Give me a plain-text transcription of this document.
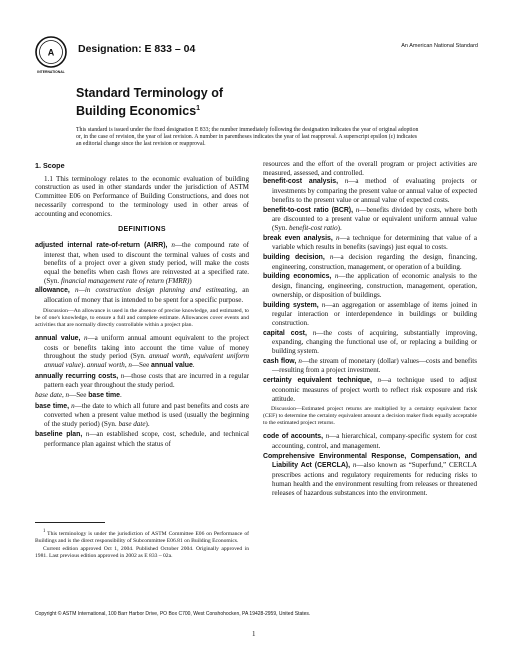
A
INTERNATIONAL
Designation: E 833 – 04	An American National Standard
Standard Terminology of
Building Economics$^1$
This standard is issued under the fixed designation E 833; the number immediately following the designation indicates the year of original adoption or, in the case of revision, the year of last revision. A number in parentheses indicates the year of last reapproval. A superscript epsilon (ε) indicates an editorial change since the last revision or reapproval.
1. Scope

1.1 This terminology relates to the economic evaluation of building construction as used in other standards under the jurisdiction of ASTM Committee E06 on Performance of Building Constructions, and does not necessarily correspond to the terminology used in other areas of accounting and economics.

DEFINITIONS

adjusted internal rate-of-return (AIRR), n—the compound rate of interest that, when used to discount the terminal values of costs and benefits of a project over a given study period, will make the costs equal the benefits when cash flows are reinvested at a specified rate. (Syn. financial management rate of return (FMRR))

allowance, n—in construction design planning and estimating, an allocation of money that is intended to be spent for a specific purpose.

Discussion—An allowance is used in the absence of precise knowledge, and estimated, to be of one's knowledge, to ensure a full and complete estimate. Allowances cover events and activities that are normally directly controllable within a project plan.

annual value, n—a uniform annual amount equivalent to the project costs or benefits taking into account the time value of money throughout the study period (Syn. annual worth, equivalent uniform annual value). annual worth, n—See annual value.

annually recurring costs, n—those costs that are incurred in a regular pattern each year throughout the study period.

base date, n—See base time.

base time, n—the date to which all future and past benefits and costs are converted when a present value method is used (usually the beginning of the study period) (Syn. base date).

baseline plan, n—an established scope, cost, schedule, and technical performance plan against which the status of

$^1$ This terminology is under the jurisdiction of ASTM Committee E06 on Performance of Buildings and is the direct responsibility of Subcommittee E06.81 on Building Economics.

Current edition approved Oct 1, 2004. Published October 2004. Originally approved in 1981. Last previous edition approved in 2002 as E 833 – 02a.

resources and the effort of the overall program or project activities are measured, assessed, and controlled.

benefit-cost analysis, n—a method of evaluating projects or investments by comparing the present value or annual value of expected benefits to the present value or annual value of expected costs.

benefit-to-cost ratio (BCR), n—benefits divided by costs, where both are discounted to a present value or equivalent uniform annual value (Syn. benefit-cost ratio).

break even analysis, n—a technique for determining that value of a variable which results in benefits (savings) just equal to costs.

building decision, n—a decision regarding the design, financing, engineering, construction, management, or operation of a building.

building economics, n—the application of economic analysis to the design, financing, engineering, construction, management, operation, ownership, or disposition of buildings.

building system, n—an aggregation or assemblage of items joined in regular interaction or interdependence in buildings or building construction.

capital cost, n—the costs of acquiring, substantially improving, expanding, changing the functional use of, or replacing a building or building system.

cash flow, n—the stream of monetary (dollar) values—costs and benefits—resulting from a project investment.

certainty equivalent technique, n—a technique used to adjust economic measures of project worth to reflect risk exposure and risk attitude.

Discussion—Estimated project returns are multiplied by a certainty equivalent factor (CEF) to determine the certainty equivalent amount a decision maker finds equally acceptable to the estimated project returns.

code of accounts, n—a hierarchical, company-specific system for cost accounting, control, and management.

Comprehensive Environmental Response, Compensation, and Liability Act (CERCLA), n—also known as “Superfund,” CERCLA prescribes actions and regulatory requirements for reducing risks to human health and the environment resulting from releases or threatened releases of hazardous substances into the environment.

Copyright © ASTM International, 100 Barr Harbor Drive, PO Box C700, West Conshohocken, PA 19428-2959, United States.
1
